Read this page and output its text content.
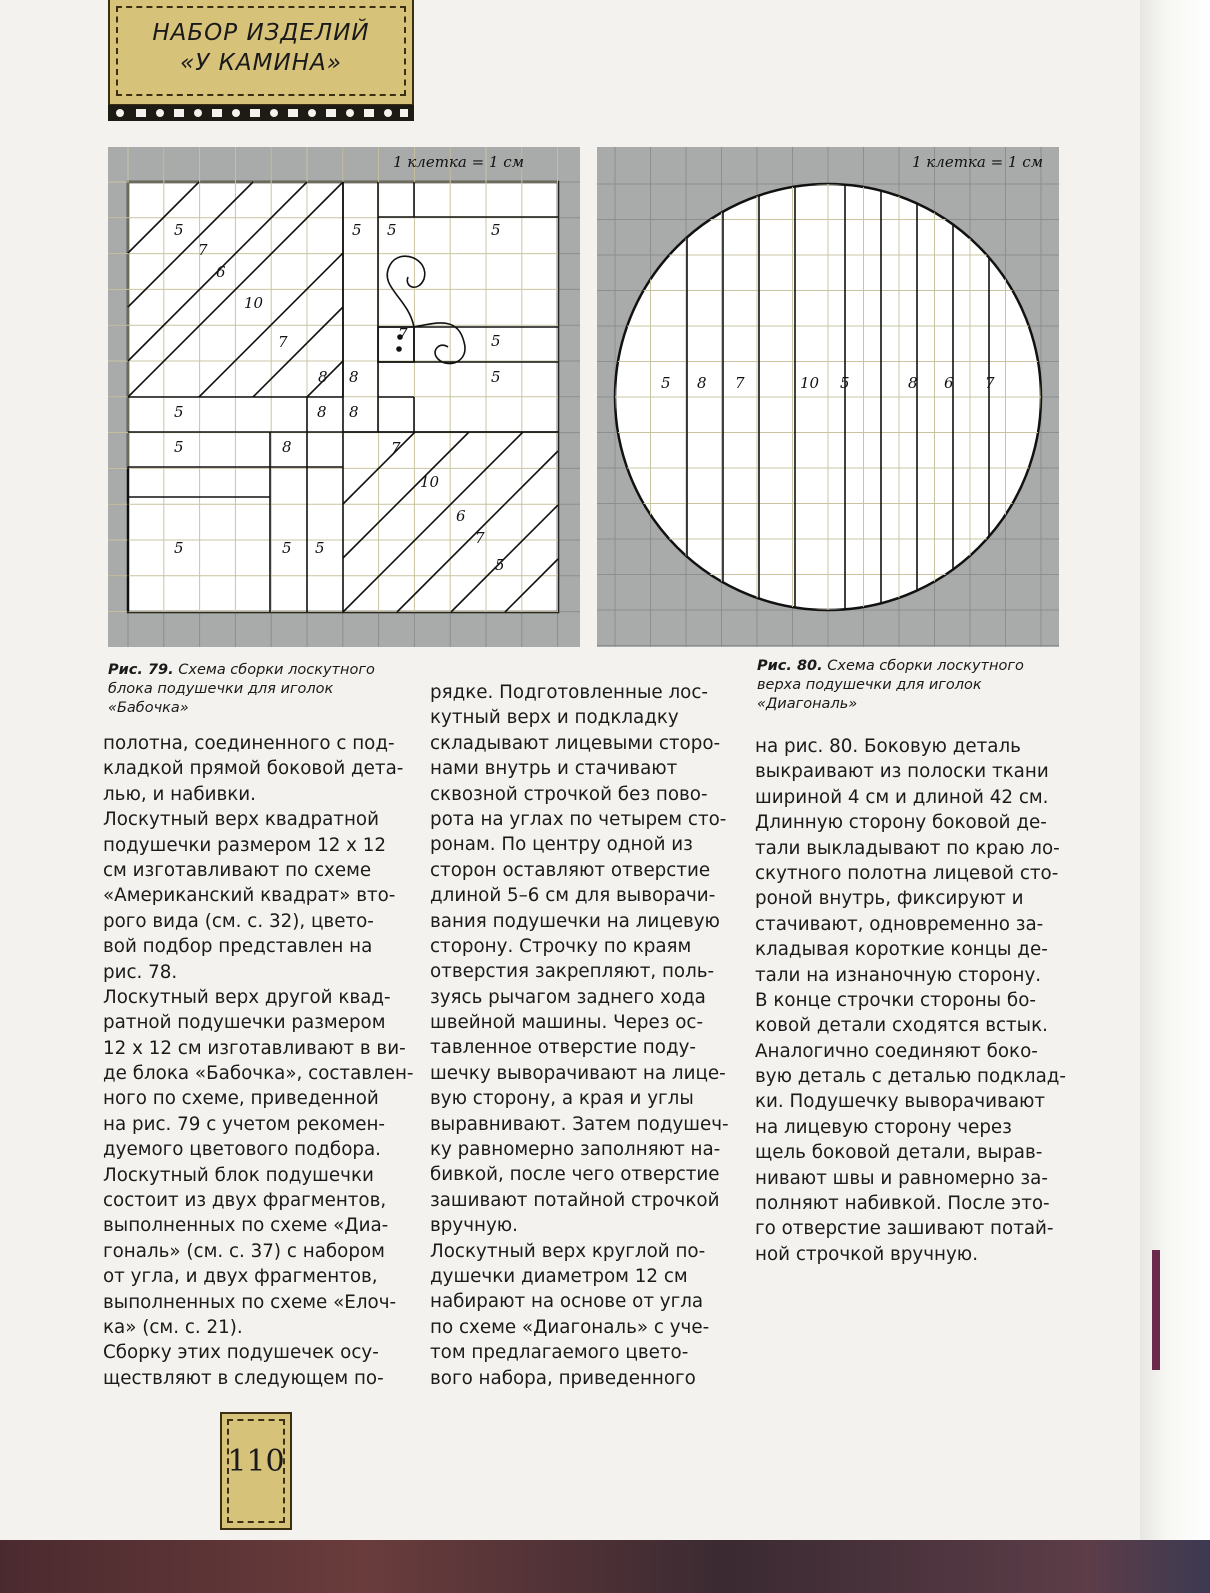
НАБОР ИЗДЕЛИЙ
«У КАМИНА»
5
7
6
10
7
5 5	5
7	5
8 8
5
5
8 8
5	8	7
10
6
7
5
5	5 5
1 клетка = 1 см
5 8 7	10 5	8 6 7
1 клетка = 1 см
Рис. 79. Схема сборки лоскутного
блока подушечки для иголок
«Бабочка»
Рис. 80. Схема сборки лоскутного
верха подушечки для иголок
«Диагональ»
полотна, соединенного с под-
кладкой прямой боковой дета-
лью, и набивки.
Лоскутный верх квадратной
подушечки размером 12 х 12
см изготавливают по схеме
«Американский квадрат» вто-
рого вида (см. с. 32), цвето-
вой подбор представлен на
рис. 78.
Лоскутный верх другой квад-
ратной подушечки размером
12 х 12 см изготавливают в ви-
де блока «Бабочка», составлен-
ного по схеме, приведенной
на рис. 79 с учетом рекомен-
дуемого цветового подбора.
Лоскутный блок подушечки
состоит из двух фрагментов,
выполненных по схеме «Диа-
гональ» (см. с. 37) с набором
от угла, и двух фрагментов,
выполненных по схеме «Елоч-
ка» (см. с. 21).
Сборку этих подушечек осу-
ществляют в следующем по-
рядке. Подготовленные лос-
кутный верх и подкладку
складывают лицевыми сторо-
нами внутрь и стачивают
сквозной строчкой без пово-
рота на углах по четырем сто-
ронам. По центру одной из
сторон оставляют отверстие
длиной 5–6 см для выворачи-
вания подушечки на лицевую
сторону. Строчку по краям
отверстия закрепляют, поль-
зуясь рычагом заднего хода
швейной машины. Через ос-
тавленное отверстие поду-
шечку выворачивают на лице-
вую сторону, а края и углы
выравнивают. Затем подушеч-
ку равномерно заполняют на-
бивкой, после чего отверстие
зашивают потайной строчкой
вручную.
Лоскутный верх круглой по-
душечки диаметром 12 см
набирают на основе от угла
по схеме «Диагональ» с уче-
том предлагаемого цвето-
вого набора, приведенного
на рис. 80. Боковую деталь
выкраивают из полоски ткани
шириной 4 см и длиной 42 см.
Длинную сторону боковой де-
тали выкладывают по краю ло-
скутного полотна лицевой сто-
роной внутрь, фиксируют и
стачивают, одновременно за-
кладывая короткие концы де-
тали на изнаночную сторону.
В конце строчки стороны бо-
ковой детали сходятся встык.
Аналогично соединяют боко-
вую деталь с деталью подклад-
ки. Подушечку выворачивают
на лицевую сторону через
щель боковой детали, вырав-
нивают швы и равномерно за-
полняют набивкой. После это-
го отверстие зашивают потай-
ной строчкой вручную.
110
